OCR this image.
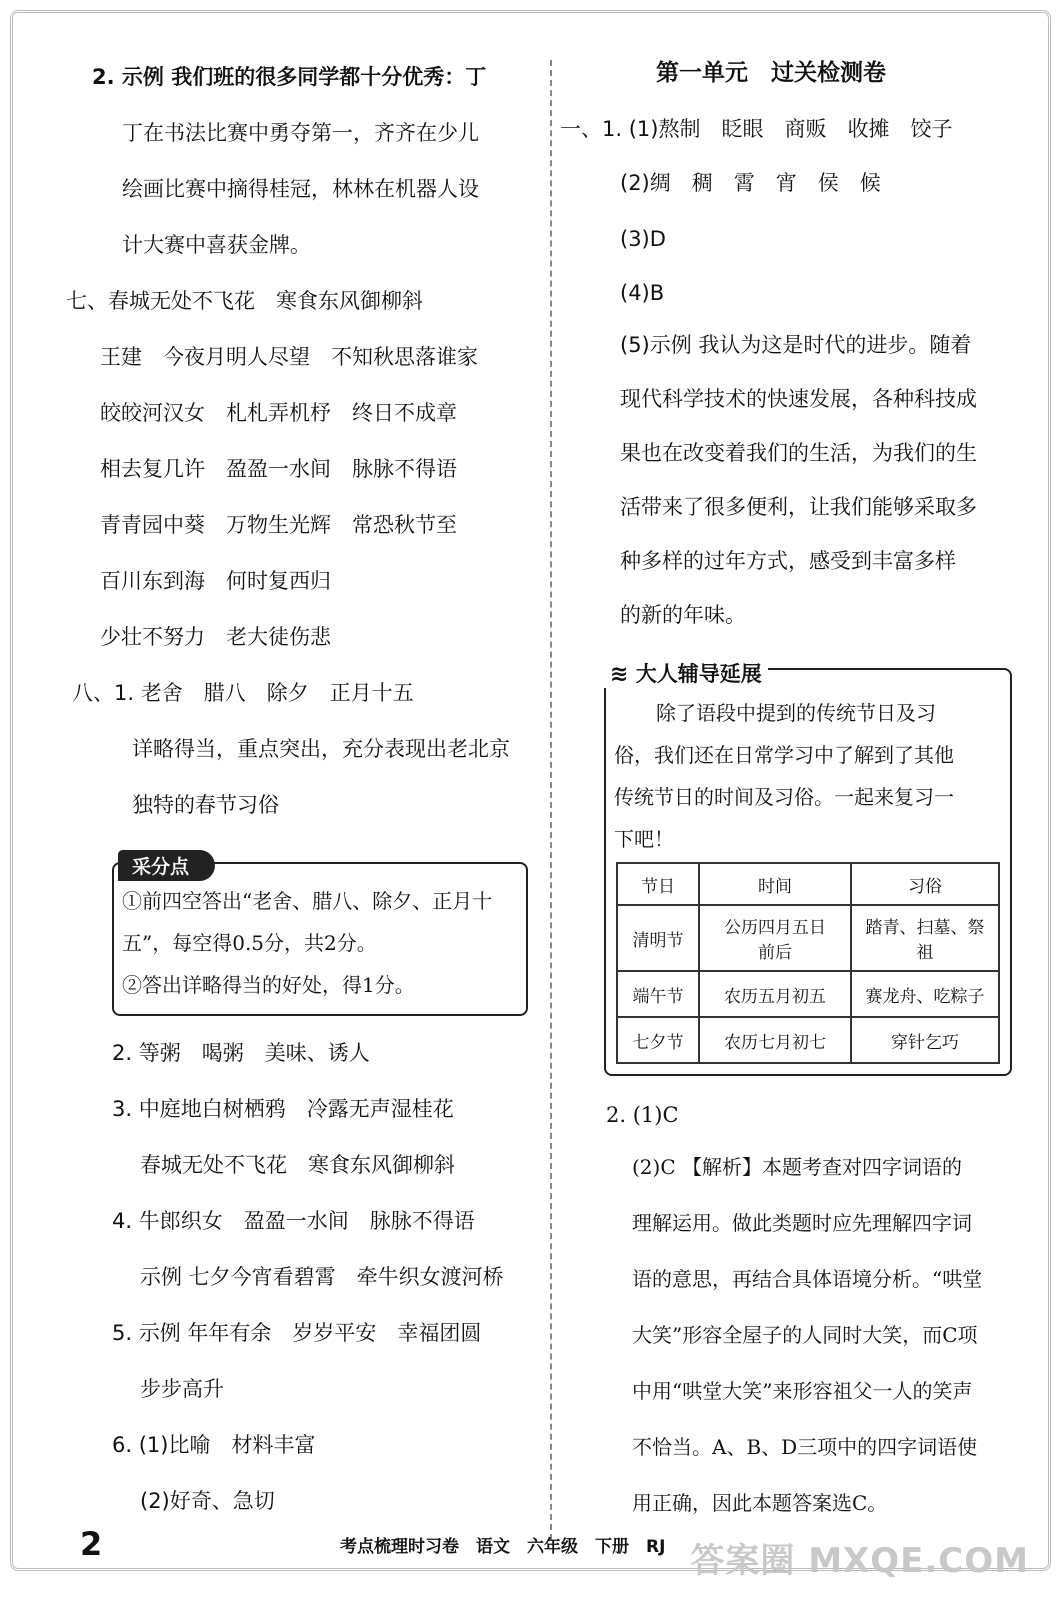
2. 示例 我们班的很多同学都十分优秀：丁
丁在书法比赛中勇夺第一，齐齐在少儿
绘画比赛中摘得桂冠，林林在机器人设
计大赛中喜获金牌。
七、春城无处不飞花　寒食东风御柳斜
王建　今夜月明人尽望　不知秋思落谁家
皎皎河汉女　札札弄机杼　终日不成章
相去复几许　盈盈一水间　脉脉不得语
青青园中葵　万物生光辉　常恐秋节至
百川东到海　何时复西归
少壮不努力　老大徒伤悲
八、1. 老舍　腊八　除夕　正月十五
详略得当，重点突出，充分表现出老北京
独特的春节习俗
采分点
①前四空答出“老舍、腊八、除夕、正月十
五”，每空得0.5分，共2分。
②答出详略得当的好处，得1分。
2. 等粥　喝粥　美味、诱人
3. 中庭地白树栖鸦　冷露无声湿桂花
春城无处不飞花　寒食东风御柳斜
4. 牛郎织女　盈盈一水间　脉脉不得语
示例 七夕今宵看碧霄　牵牛织女渡河桥
5. 示例 年年有余　岁岁平安　幸福团圆
步步高升
6. (1)比喻　材料丰富
(2)好奇、急切
第一单元　过关检测卷
一、1. (1)熬制　眨眼　商贩　收摊　饺子
(2)绸　稠　霄　宵　侯　候
(3)D
(4)B
(5)示例 我认为这是时代的进步。随着
现代科学技术的快速发展，各种科技成
果也在改变着我们的生活，为我们的生
活带来了很多便利，让我们能够采取多
种多样的过年方式，感受到丰富多样
的新的年味。
≋ 大人辅导延展
除了语段中提到的传统节日及习
俗，我们还在日常学习中了解到了其他
传统节日的时间及习俗。一起来复习一
下吧！
节日	时间	习俗
清明节	公历四月五日前后	踏青、扫墓、祭祖
端午节	农历五月初五	赛龙舟、吃粽子
七夕节	农历七月初七	穿针乞巧
2. (1)C
(2)C 【解析】本题考查对四字词语的
理解运用。做此类题时应先理解四字词
语的意思，再结合具体语境分析。“哄堂
大笑”形容全屋子的人同时大笑，而C项
中用“哄堂大笑”来形容祖父一人的笑声
不恰当。A、B、D三项中的四字词语使
用正确，因此本题答案选C。
2	考点梳理时习卷　语文　六年级　下册　RJ 答案圈 MXQE.COM
